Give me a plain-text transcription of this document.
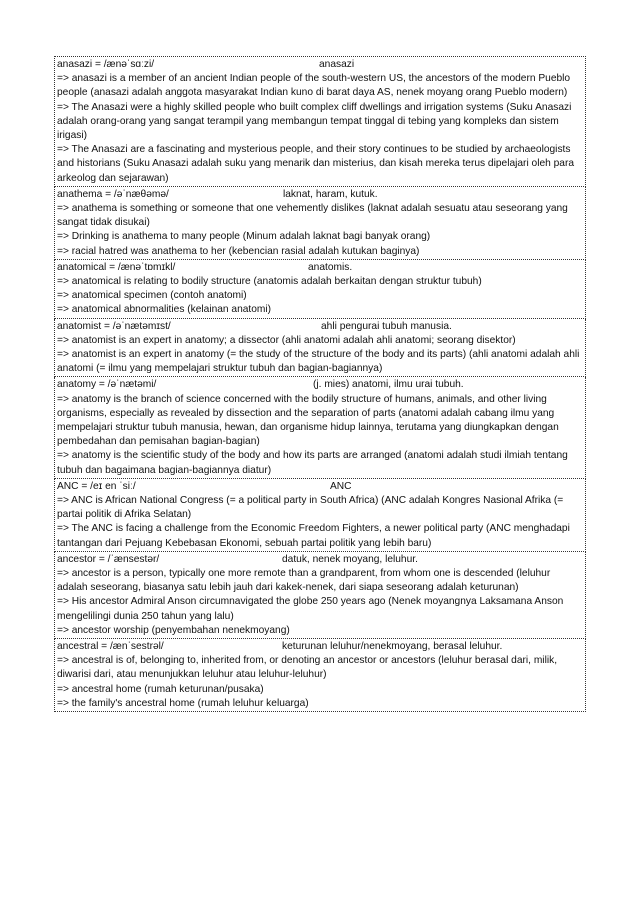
anasazi = /ænəˈsɑːzi/

	anasazi

=> anasazi is a member of an ancient Indian people of the south-western US, the ancestors of the modern Pueblo people (anasazi adalah anggota masyarakat Indian kuno di barat daya AS, nenek moyang orang Pueblo modern)
=> The Anasazi were a highly skilled people who built complex cliff dwellings and irrigation systems (Suku Anasazi adalah orang-orang yang sangat terampil yang membangun tempat tinggal di tebing yang kompleks dan sistem irigasi)
=> The Anasazi are a fascinating and mysterious people, and their story continues to be studied by archaeologists and historians (Suku Anasazi adalah suku yang menarik dan misterius, dan kisah mereka terus dipelajari oleh para arkeolog dan sejarawan)

anathema = /əˈnæθəmə/

	laknat, haram, kutuk.

=> anathema is something or someone that one vehemently dislikes (laknat adalah sesuatu atau seseorang yang sangat tidak disukai)
=> Drinking is anathema to many people (Minum adalah laknat bagi banyak orang)
=> racial hatred was anathema to her (kebencian rasial adalah kutukan baginya)

anatomical = /ænəˈtɒmɪkl/

	anatomis.

=> anatomical is relating to bodily structure (anatomis adalah berkaitan dengan struktur tubuh)
=> anatomical specimen (contoh anatomi)
=> anatomical abnormalities (kelainan anatomi)

anatomist = /əˈnætəmɪst/

	ahli pengurai tubuh manusia.

=> anatomist is an expert in anatomy; a dissector (ahli anatomi adalah ahli anatomi; seorang disektor)
=> anatomist is an expert in anatomy (= the study of the structure of the body and its parts) (ahli anatomi adalah ahli anatomi (= ilmu yang mempelajari struktur tubuh dan bagian-bagiannya)

anatomy = /əˈnætəmi/

	(j. mies) anatomi, ilmu urai tubuh.

=> anatomy is the branch of science concerned with the bodily structure of humans, animals, and other living organisms, especially as revealed by dissection and the separation of parts (anatomi adalah cabang ilmu yang mempelajari struktur tubuh manusia, hewan, dan organisme hidup lainnya, terutama yang diungkapkan dengan pembedahan dan pemisahan bagian-bagian)
=> anatomy is the scientific study of the body and how its parts are arranged (anatomi adalah studi ilmiah tentang tubuh dan bagaimana bagian-bagiannya diatur)

ANC = /eɪ en ˈsiː/

	ANC

=> ANC is African National Congress (= a political party in South Africa) (ANC adalah Kongres Nasional Afrika (= partai politik di Afrika Selatan)
=> The ANC is facing a challenge from the Economic Freedom Fighters, a newer political party (ANC menghadapi tantangan dari Pejuang Kebebasan Ekonomi, sebuah partai politik yang lebih baru)

ancestor = /ˈænsestər/

	datuk, nenek moyang, leluhur.

=> ancestor is a person, typically one more remote than a grandparent, from whom one is descended (leluhur adalah seseorang, biasanya satu lebih jauh dari kakek-nenek, dari siapa seseorang adalah keturunan)
=> His ancestor Admiral Anson circumnavigated the globe 250 years ago (Nenek moyangnya Laksamana Anson mengelilingi dunia 250 tahun yang lalu)
=> ancestor worship (penyembahan nenekmoyang)

ancestral = /ænˈsestrəl/

	keturunan leluhur/nenekmoyang, berasal leluhur.

=> ancestral is of, belonging to, inherited from, or denoting an ancestor or ancestors (leluhur berasal dari, milik, diwarisi dari, atau menunjukkan leluhur atau leluhur-leluhur)
=> ancestral home (rumah keturunan/pusaka)
=> the family's ancestral home (rumah leluhur keluarga)
